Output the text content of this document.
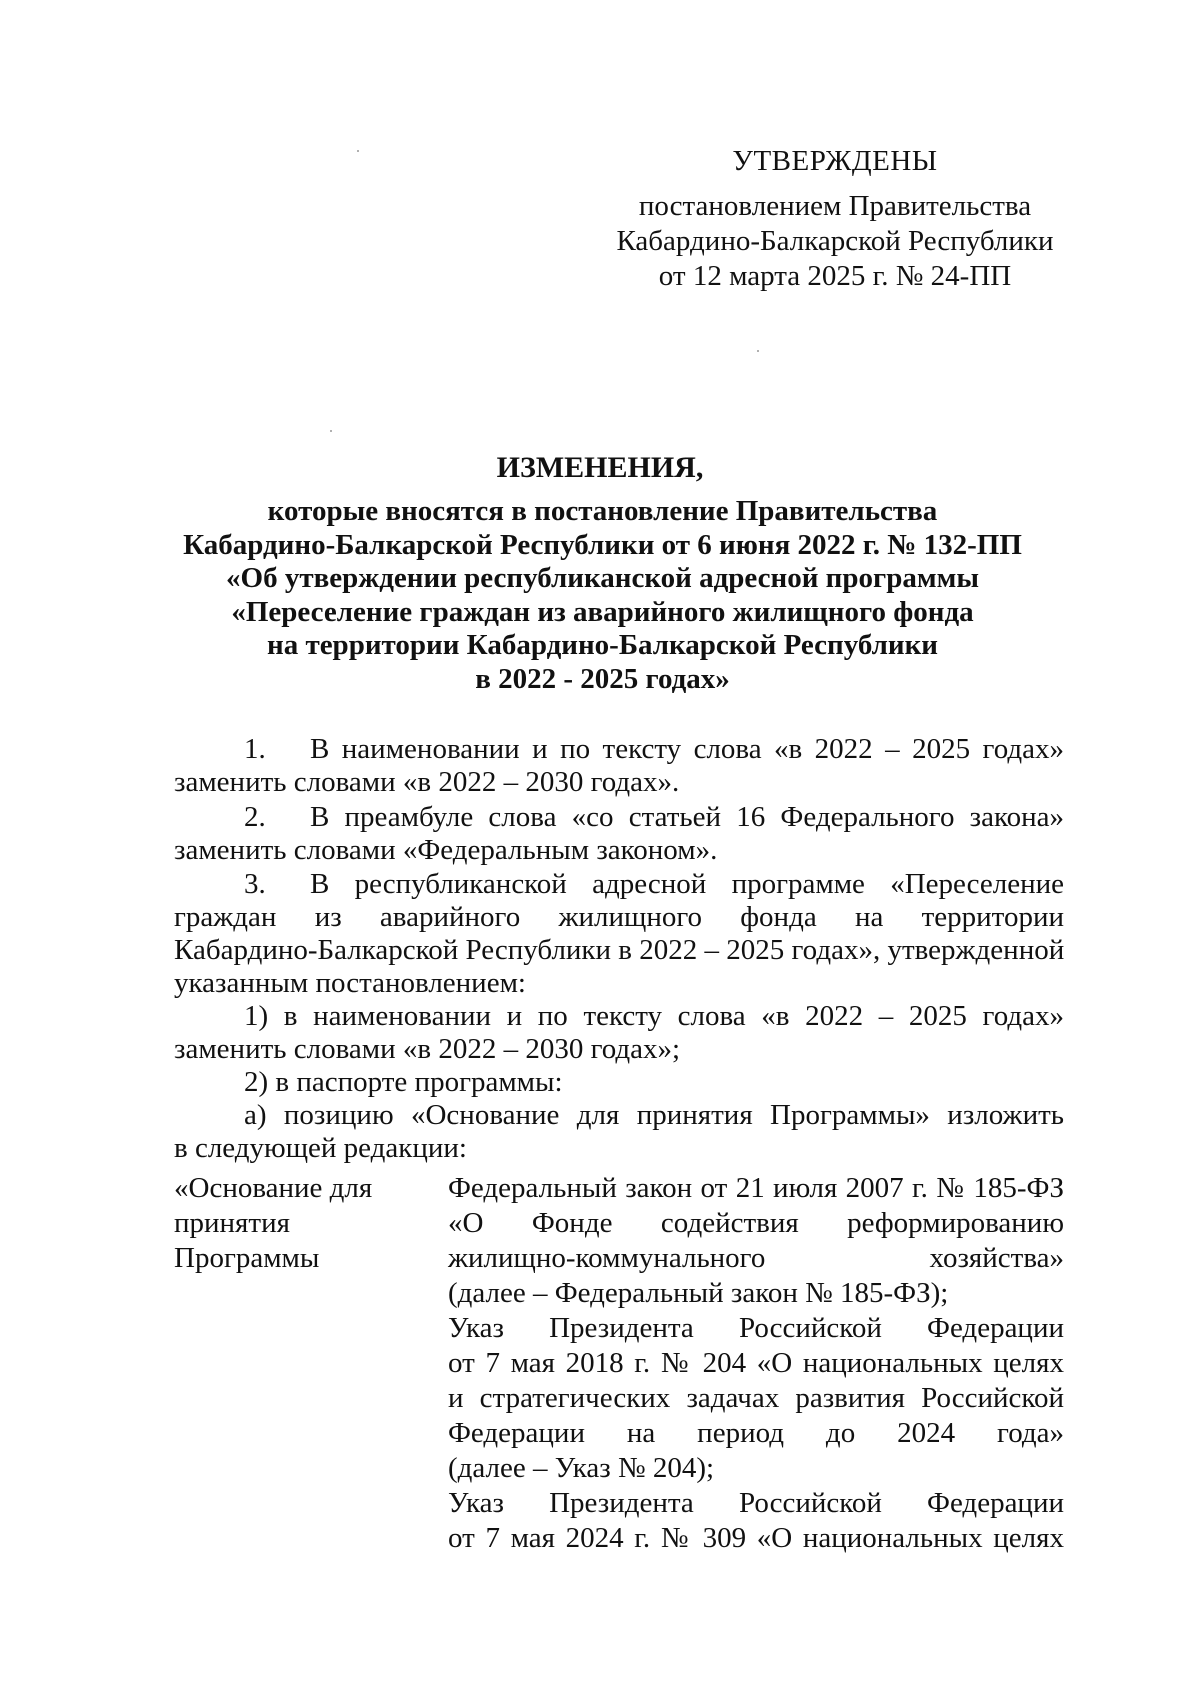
УТВЕРЖДЕНЫ
постановлением Правительства
Кабардино-Балкарской Республики
от 12 марта 2025 г. № 24-ПП
ИЗМЕНЕНИЯ,
которые вносятся в постановление Правительства
Кабардино-Балкарской Республики от 6 июня 2022 г. № 132-ПП
«Об утверждении республиканской адресной программы
«Переселение граждан из аварийного жилищного фонда
на территории Кабардино-Балкарской Республики
в 2022 - 2025 годах»
1. В наименовании и по тексту слова «в 2022 – 2025 годах»
заменить словами «в 2022 – 2030 годах».
2. В преамбуле слова «со статьей 16 Федерального закона»
заменить словами «Федеральным законом».
3. В республиканской адресной программе «Переселение
граждан из аварийного жилищного фонда на территории
Кабардино-Балкарской Республики в 2022 – 2025 годах», утвержденной
указанным постановлением:
1) в наименовании и по тексту слова «в 2022 – 2025 годах»
заменить словами «в 2022 – 2030 годах»;
2) в паспорте программы:
а) позицию «Основание для принятия Программы» изложить
в следующей редакции:
«Основание для
принятия
Программы
Федеральный закон от 21 июля 2007 г. № 185-ФЗ
«О Фонде содействия реформированию
жилищно-коммунального хозяйства»
(далее – Федеральный закон № 185-ФЗ);
Указ Президента Российской Федерации
от 7 мая 2018 г. № 204 «О национальных целях
и стратегических задачах развития Российской
Федерации на период до 2024 года»
(далее – Указ № 204);
Указ Президента Российской Федерации
от 7 мая 2024 г. № 309 «О национальных целях
